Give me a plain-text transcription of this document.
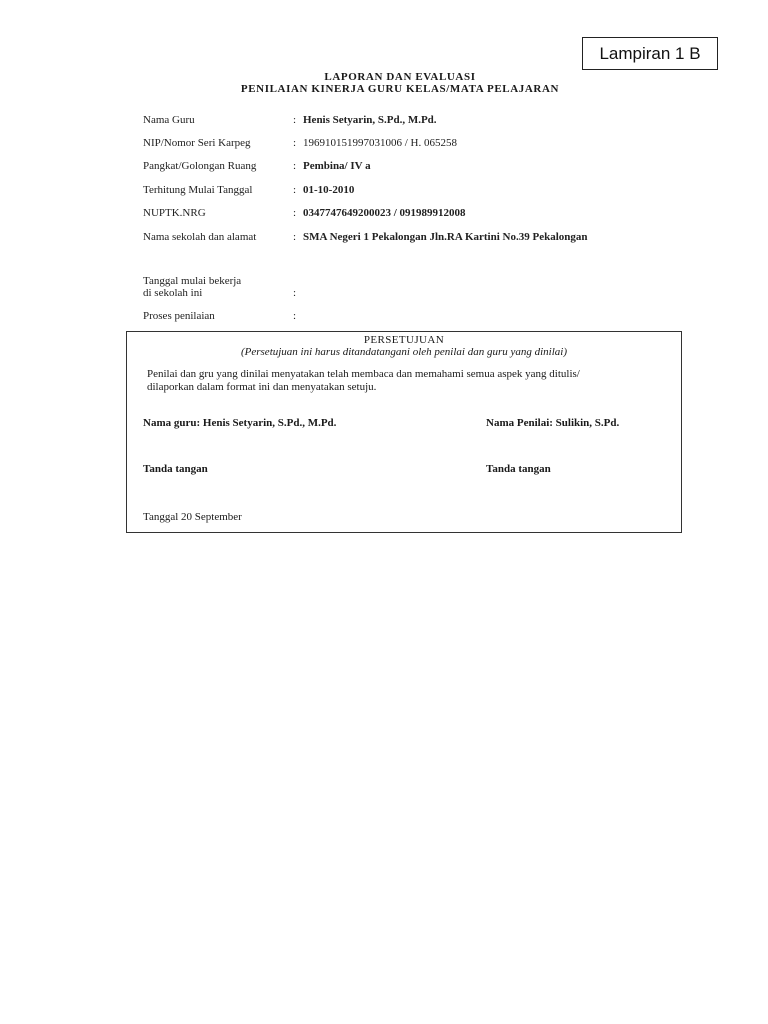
Lampiran 1 B
LAPORAN DAN EVALUASI
PENILAIAN KINERJA GURU KELAS/MATA PELAJARAN
Nama Guru	: Henis Setyarin, S.Pd., M.Pd.
NIP/Nomor Seri Karpeg	: 196910151997031006 / H. 065258
Pangkat/Golongan Ruang	: Pembina/ IV a
Terhitung Mulai Tanggal	: 01-10-2010
NUPTK.NRG	: 0347747649200023 / 091989912008
Nama sekolah dan alamat	: SMA Negeri 1 Pekalongan Jln.RA Kartini No.39 Pekalongan
Tanggal mulai bekerja
di sekolah ini	:
Proses penilaian	:
PERSETUJUAN
(Persetujuan ini harus ditandatangani oleh penilai dan guru yang dinilai)
Penilai dan gru yang dinilai menyatakan telah membaca dan memahami semua aspek yang ditulis/
dilaporkan dalam format ini dan menyatakan setuju.
Nama guru: Henis Setyarin, S.Pd., M.Pd.	Nama Penilai: Sulikin, S.Pd.
Tanda tangan	Tanda tangan
Tanggal 20 September
